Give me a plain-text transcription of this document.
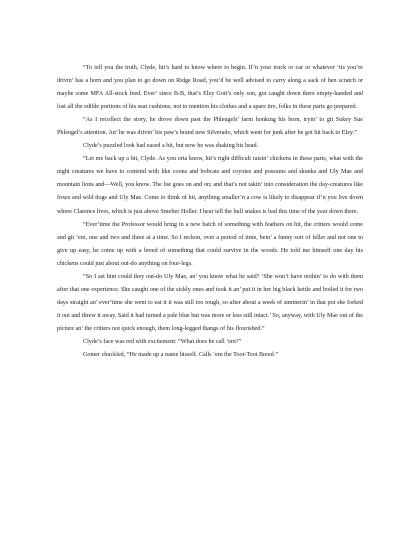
“To tell you the truth, Clyde, hit’s hard to know where to begin. If’n your truck or car or whatever ‘tis you’re drivin’ has a horn and you plan to go down on Ridge Road, you’d be well advised to carry along a sack of hen scratch or maybe some MFA All-stock feed. Ever’ since B-B, that’s Elzy Gott’s only son, got caught down there empty-handed and lost all the edible portions of his seat cushions, not to mention his clothes and a spare tire, folks in these parts go prepared.

“As I recollect the story, he drove down past the Phleugels’ farm honking his horn, tryin’ to git Sukey Sue Phleugel’s attention. An’ he was drivin’ his paw’s brand new Silverado, which went for junk after he got hit back to Elzy.”

Clyde’s puzzled look had eased a bit, but now he was shaking his head.

“Let me back up a bit, Clyde. As you orta know, hit’s right difficult raisin’ chickens in these parts, what with the night creatures we have to contend with like coons and bobcats and coyotes and possums and skunks and Uly Mae and mountain lions and—Well, you know. The list goes on and on; and that’s not takin’ into consideration the day-creatures like foxes and wild dogs and Uly Mae. Come to think of hit, anything smaller’n a cow is likely to disappear if’n you live down where Clarence lives, which is just above Smelter Holler. I hear tell the bull snakes is bad this time of the year down there.

“Ever’time the Professor would bring in a new batch of something with feathers on hit, the critters would come and git ‘em, one and two and three at a time. So I reckon, over a period of time, bein’ a funny sort of feller and not one to give up easy, he come up with a breed of something that could survive in the woods. He told me himself one day his chickens could just about out-do anything on four-legs.

“So I ast him could they out-do Uly Mae, an’ you know what he said? ‘She won’t have nothin’ to do with them after that one experience. She caught one of the sickly ones and took it an’ put it in her big black kettle and boiled it for two days straight an’ ever’time she went to eat it it was still too tough, so after about a week of simmerin’ in that pot she forked it out and threw it away. Said it had turned a pale blue but was more or less still intact.’ So, anyway, with Uly Mae out of the picture an’ the critters not quick enough, them long-legged thangs of his flourished.”

Clyde’s face was red with excitement: “What does he call ‘em?”

Gomer chuckled, “He made up a name hisself. Calls ‘em the Toot-Toot Breed.”
